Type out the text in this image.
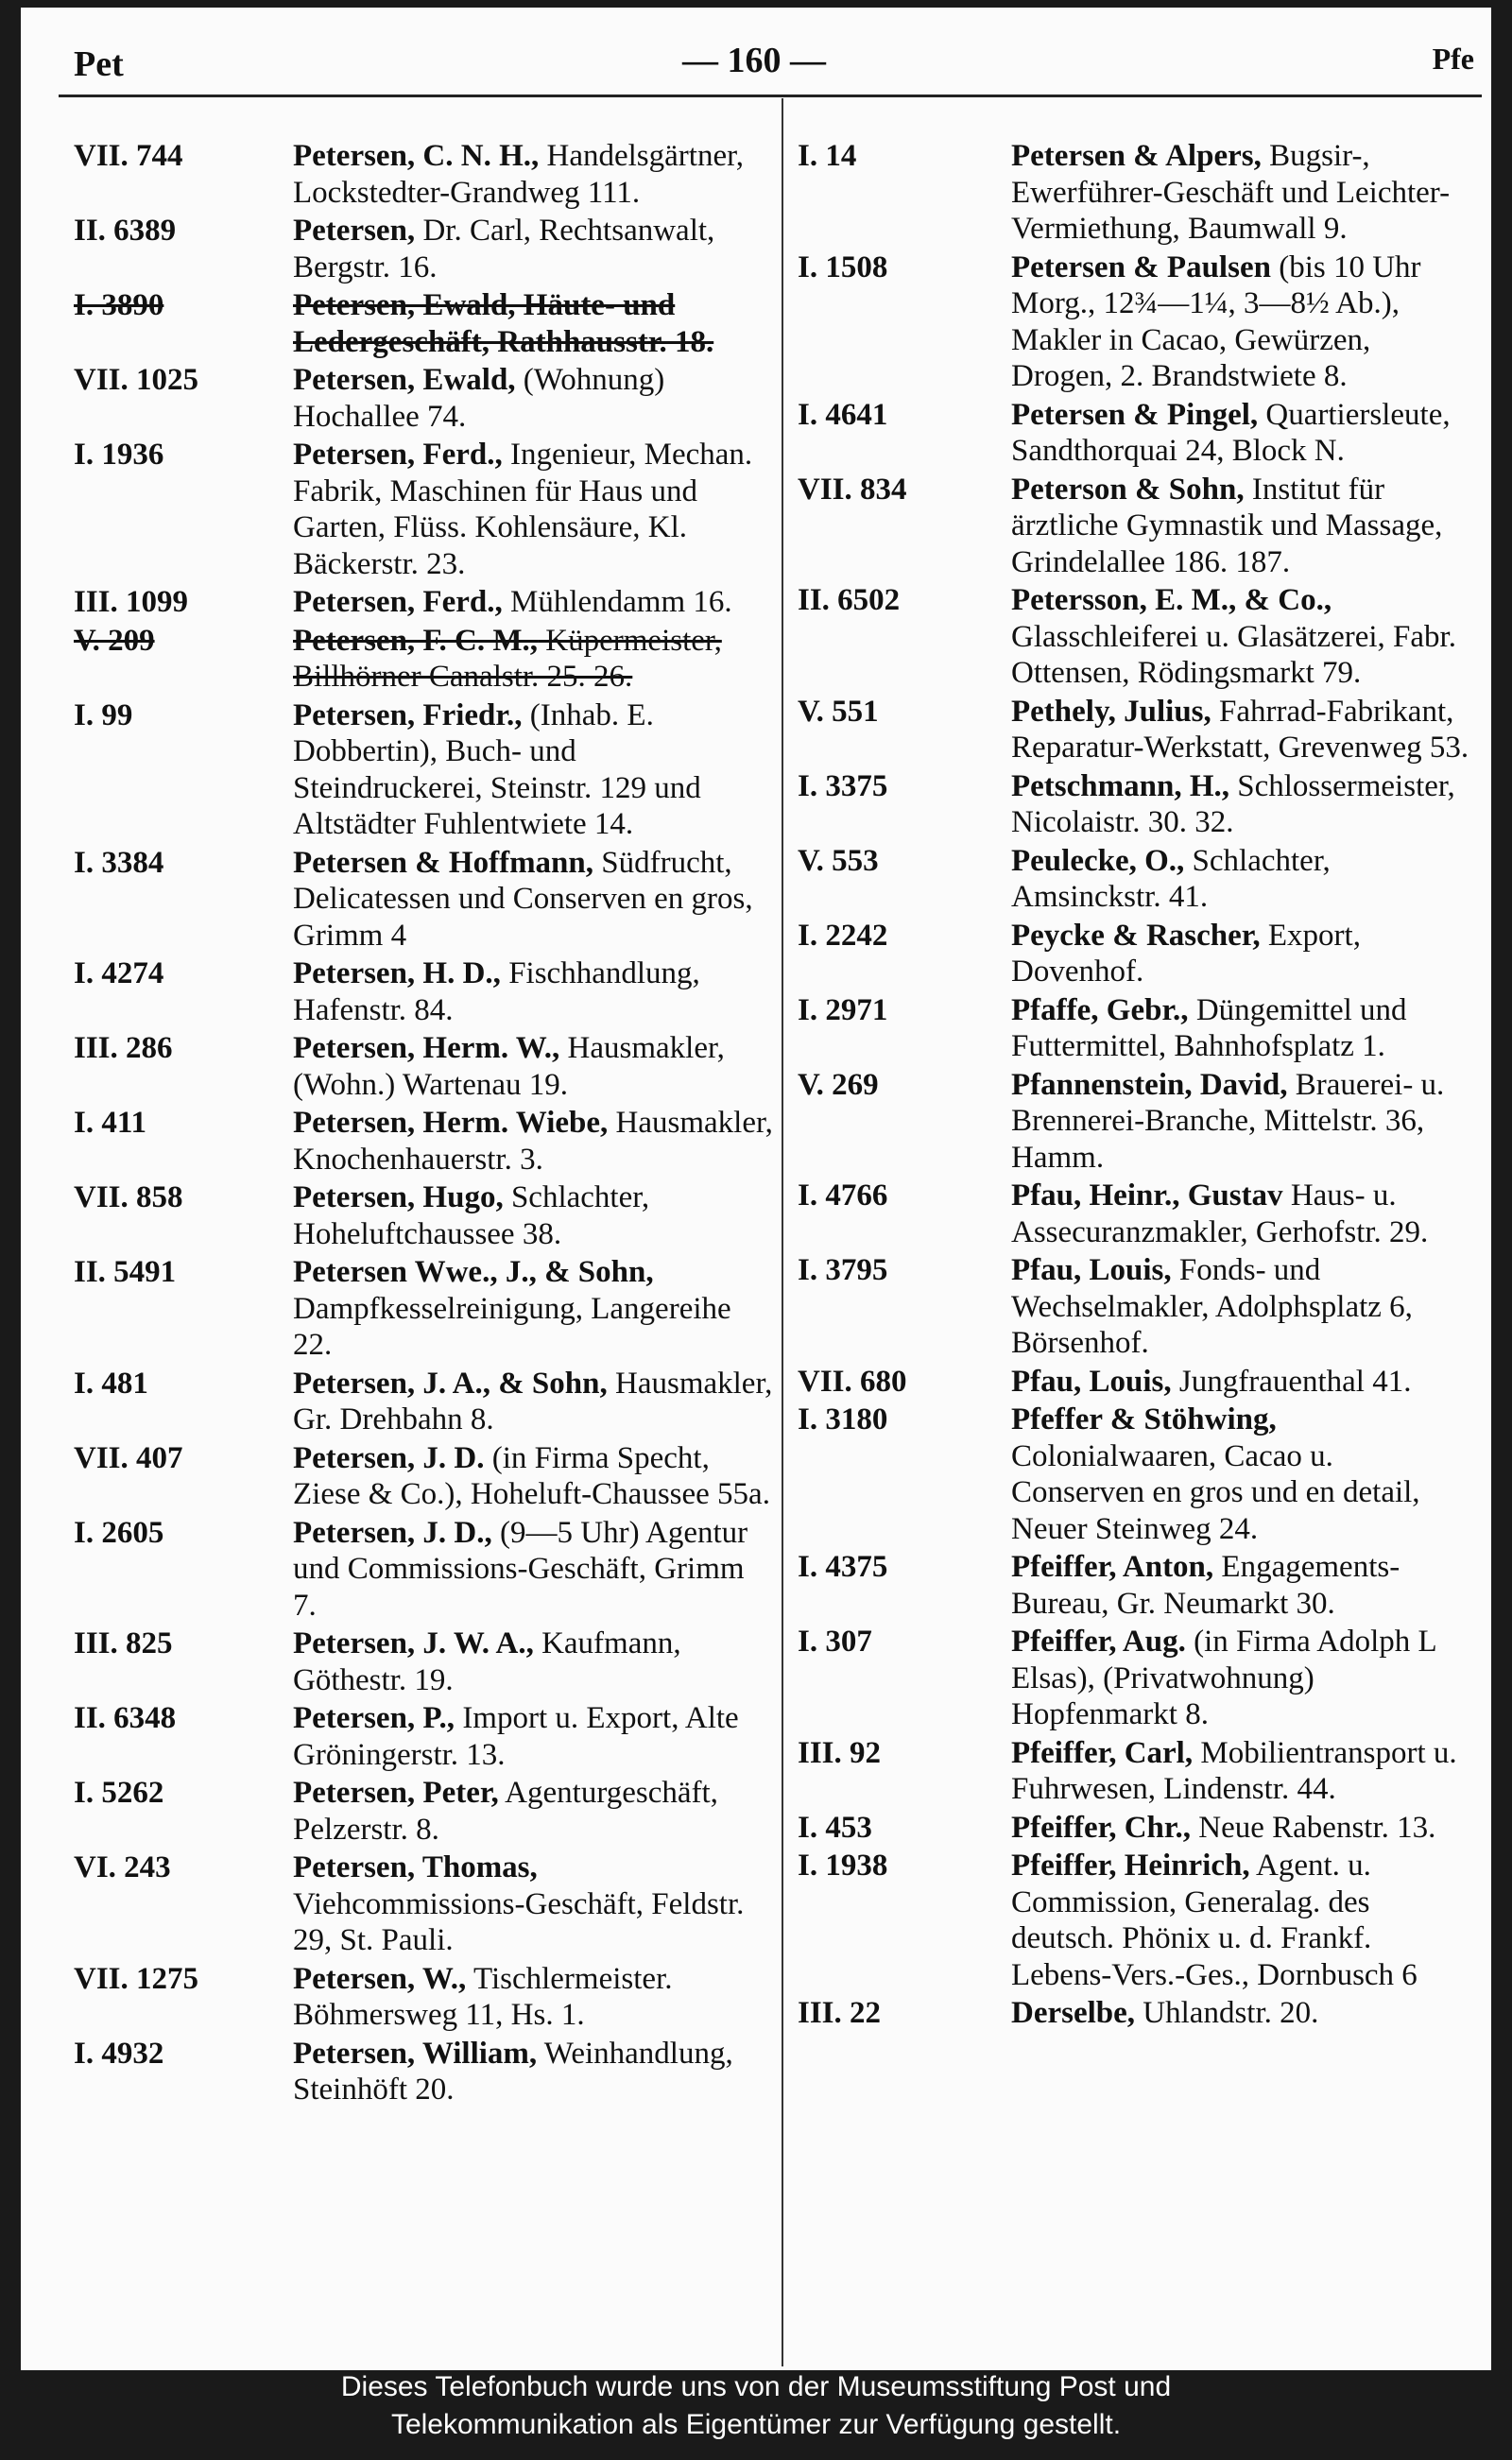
Pet	— 160 —	Pfe
VII. 744	Petersen, C. N. H., Handelsgärtner, Lockstedter-Grandweg 111.
II. 6389	Petersen, Dr. Carl, Rechtsanwalt, Bergstr. 16.
I. 3890	Petersen, Ewald, Häute- und Ledergeschäft, Rathhausstr. 18.
VII. 1025	Petersen, Ewald, (Wohnung) Hochallee 74.
I. 1936	Petersen, Ferd., Ingenieur, Mechan. Fabrik, Maschinen für Haus und Garten, Flüss. Kohlensäure, Kl. Bäckerstr. 23.
III. 1099	Petersen, Ferd., Mühlendamm 16.
V. 209	Petersen, F. C. M., Küpermeister, Billhörner Canalstr. 25. 26.
I. 99	Petersen, Friedr., (Inhab. E. Dobbertin), Buch- und Steindruckerei, Steinstr. 129 und Altstädter Fuhlentwiete 14.
I. 3384	Petersen & Hoffmann, Südfrucht, Delicatessen und Conserven en gros, Grimm 4
I. 4274	Petersen, H. D., Fischhandlung, Hafenstr. 84.
III. 286	Petersen, Herm. W., Hausmakler, (Wohn.) Wartenau 19.
I. 411	Petersen, Herm. Wiebe, Hausmakler, Knochenhauerstr. 3.
VII. 858	Petersen, Hugo, Schlachter, Hoheluftchaussee 38.
II. 5491	Petersen Wwe., J., & Sohn, Dampfkesselreinigung, Langereihe 22.
I. 481	Petersen, J. A., & Sohn, Hausmakler, Gr. Drehbahn 8.
VII. 407	Petersen, J. D. (in Firma Specht, Ziese & Co.), Hoheluft-Chaussee 55a.
I. 2605	Petersen, J. D., (9—5 Uhr) Agentur und Commissions-Geschäft, Grimm 7.
III. 825	Petersen, J. W. A., Kaufmann, Göthestr. 19.
II. 6348	Petersen, P., Import u. Export, Alte Gröningerstr. 13.
I. 5262	Petersen, Peter, Agenturgeschäft, Pelzerstr. 8.
VI. 243	Petersen, Thomas, Viehcommissions-Geschäft, Feldstr. 29, St. Pauli.
VII. 1275	Petersen, W., Tischlermeister. Böhmersweg 11, Hs. 1.
I. 4932	Petersen, William, Weinhandlung, Steinhöft 20.
I. 14	Petersen & Alpers, Bugsir-, Ewerführer-Geschäft und Leichter-Vermiethung, Baumwall 9.
I. 1508	Petersen & Paulsen (bis 10 Uhr Morg., 12¾—1¼, 3—8½ Ab.), Makler in Cacao, Gewürzen, Drogen, 2. Brandstwiete 8.
I. 4641	Petersen & Pingel, Quartiersleute, Sandthorquai 24, Block N.
VII. 834	Peterson & Sohn, Institut für ärztliche Gymnastik und Massage, Grindelallee 186. 187.
II. 6502	Petersson, E. M., & Co., Glasschleiferei u. Glasätzerei, Fabr. Ottensen, Rödingsmarkt 79.
V. 551	Pethely, Julius, Fahrrad-Fabrikant, Reparatur-Werkstatt, Grevenweg 53.
I. 3375	Petschmann, H., Schlossermeister, Nicolaistr. 30. 32.
V. 553	Peulecke, O., Schlachter, Amsinckstr. 41.
I. 2242	Peycke & Rascher, Export, Dovenhof.
I. 2971	Pfaffe, Gebr., Düngemittel und Futtermittel, Bahnhofsplatz 1.
V. 269	Pfannenstein, David, Brauerei- u. Brennerei-Branche, Mittelstr. 36, Hamm.
I. 4766	Pfau, Heinr., Gustav Haus- u. Assecuranzmakler, Gerhofstr. 29.
I. 3795	Pfau, Louis, Fonds- und Wechselmakler, Adolphsplatz 6, Börsenhof.
VII. 680	Pfau, Louis, Jungfrauenthal 41.
I. 3180	Pfeffer & Stöhwing, Colonialwaaren, Cacao u. Conserven en gros und en detail, Neuer Steinweg 24.
I. 4375	Pfeiffer, Anton, Engagements-Bureau, Gr. Neumarkt 30.
I. 307	Pfeiffer, Aug. (in Firma Adolph L Elsas), (Privatwohnung) Hopfenmarkt 8.
III. 92	Pfeiffer, Carl, Mobilientransport u. Fuhrwesen, Lindenstr. 44.
I. 453	Pfeiffer, Chr., Neue Rabenstr. 13.
I. 1938	Pfeiffer, Heinrich, Agent. u. Commission, Generalag. des deutsch. Phönix u. d. Frankf. Lebens-Vers.-Ges., Dornbusch 6
III. 22	Derselbe, Uhlandstr. 20.
Dieses Telefonbuch wurde uns von der Museumsstiftung Post und
Telekommunikation als Eigentümer zur Verfügung gestellt.
